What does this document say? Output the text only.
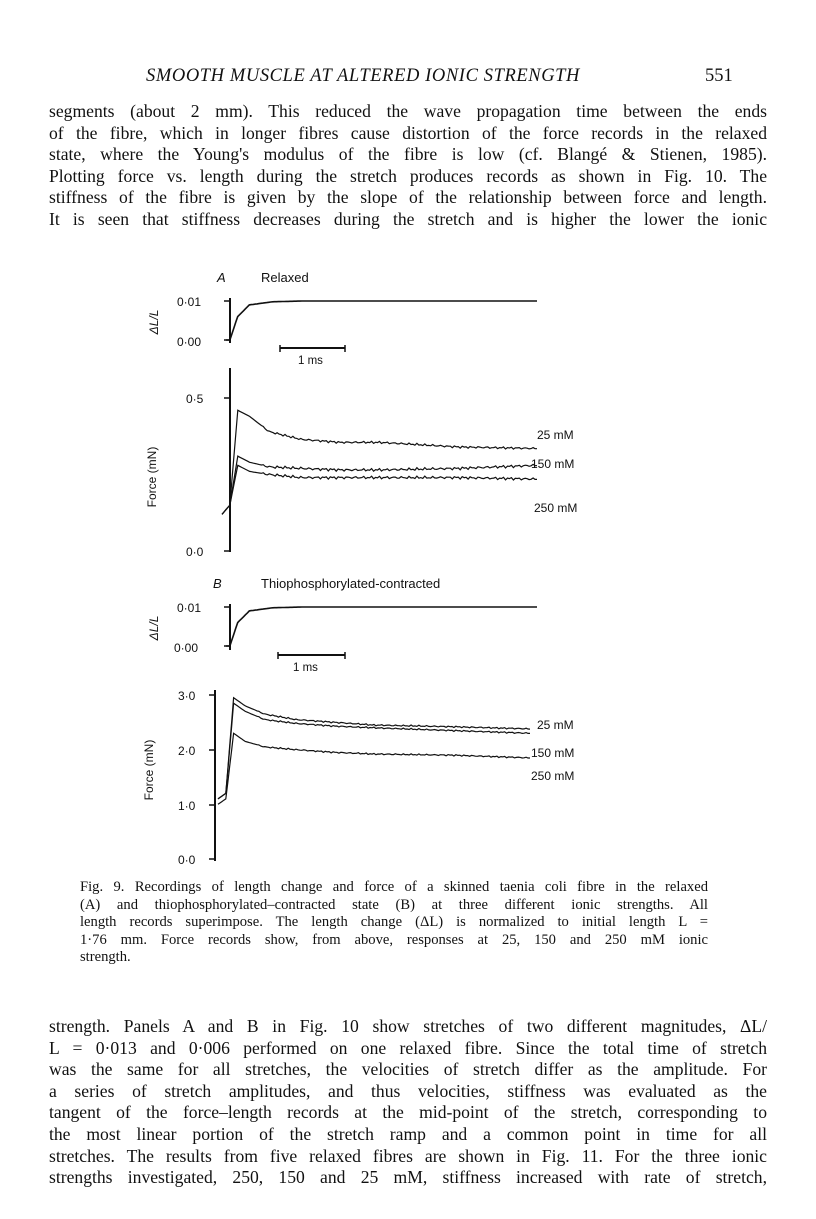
SMOOTH MUSCLE AT ALTERED IONIC STRENGTH	551
segments (about 2 mm). This reduced the wave propagation time between the ends
of the fibre, which in longer fibres cause distortion of the force records in the relaxed
state, where the Young's modulus of the fibre is low (cf. Blangé & Stienen, 1985).
Plotting force vs. length during the stretch produces records as shown in Fig. 10. The
stiffness of the fibre is given by the slope of the relationship between force and length.
It is seen that stiffness decreases during the stretch and is higher the lower the ionic
A	Relaxed
0·01
0·00
ΔL/L
1 ms
0·5
0·0
Force (mN)
25 mM
150 mM
250 mM
B	Thiophosphorylated-contracted
0·01
0·00
ΔL/L
1 ms
3·0
2·0
1·0
0·0
Force (mN)
25 mM
150 mM
250 mM
Fig. 9. Recordings of length change and force of a skinned taenia coli fibre in the relaxed
(A) and thiophosphorylated–contracted state (B) at three different ionic strengths. All
length records superimpose. The length change (ΔL) is normalized to initial length L =
1·76 mm. Force records show, from above, responses at 25, 150 and 250 mM ionic
strength.
strength. Panels A and B in Fig. 10 show stretches of two different magnitudes, ΔL/
L = 0·013 and 0·006 performed on one relaxed fibre. Since the total time of stretch
was the same for all stretches, the velocities of stretch differ as the amplitude. For
a series of stretch amplitudes, and thus velocities, stiffness was evaluated as the
tangent of the force–length records at the mid-point of the stretch, corresponding to
the most linear portion of the stretch ramp and a common point in time for all
stretches. The results from five relaxed fibres are shown in Fig. 11. For the three ionic
strengths investigated, 250, 150 and 25 mM, stiffness increased with rate of stretch,
